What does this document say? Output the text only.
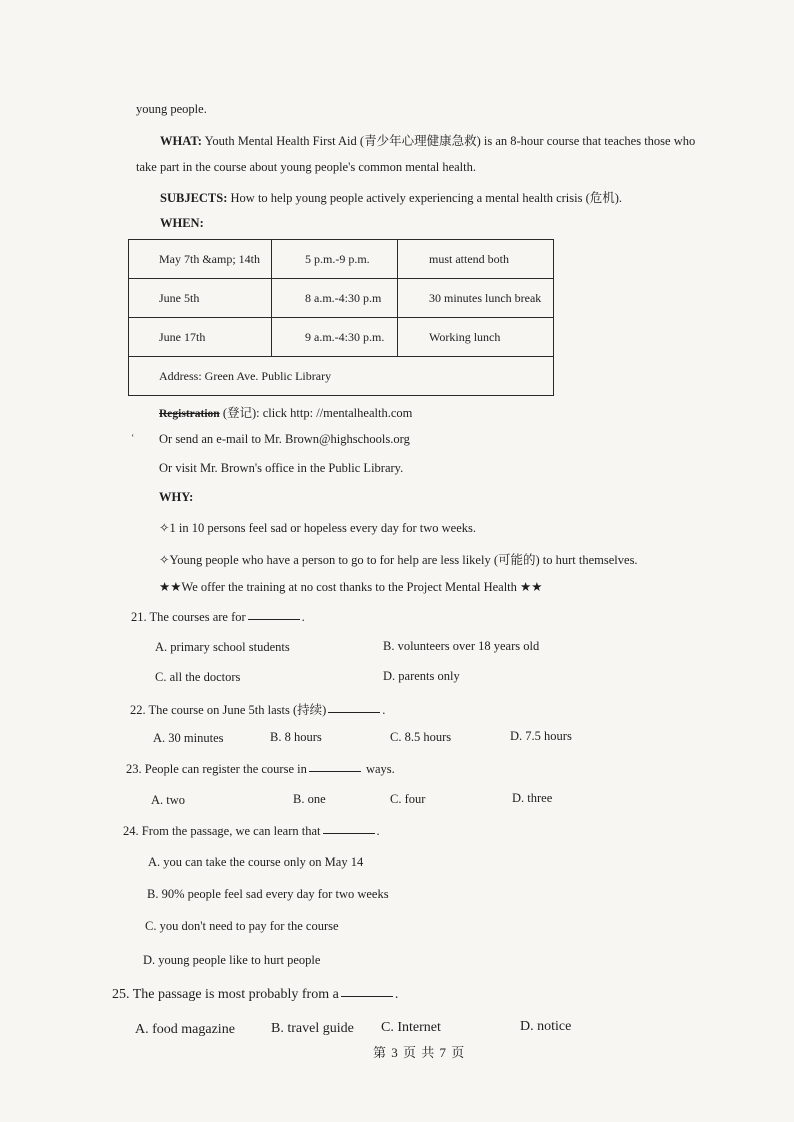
young people.
WHAT: Youth Mental Health First Aid (青少年心理健康急救) is an 8-hour course that teaches those who
take part in the course about young people's common mental health.
SUBJECTS: How to help young people actively experiencing a mental health crisis (危机).
WHEN:
May 7th &amp; 14th	5 p.m.-9 p.m.	must attend both
June 5th	8 a.m.-4:30 p.m	30 minutes lunch break
June 17th	9 a.m.-4:30 p.m.	Working lunch
Address: Green Ave. Public Library		
Registration (登记): click http: //mentalhealth.com
‘ Or send an e-mail to Mr. Brown@highschools.org
Or visit Mr. Brown's office in the Public Library.
WHY:
✧1 in 10 persons feel sad or hopeless every day for two weeks.
✧Young people who have a person to go to for help are less likely (可能的) to hurt themselves.
★★We offer the training at no cost thanks to the Project Mental Health ★★
21. The courses are for	.
A. primary school students	B. volunteers over 18 years old
C. all the doctors	D. parents only
22. The course on June 5th lasts (持续)	.
A. 30 minutes	B. 8 hours	C. 8.5 hours	D. 7.5 hours
23. People can register the course in	ways.
A. two	B. one	C. four	D. three
24. From the passage, we can learn that	.
A. you can take the course only on May 14
B. 90% people feel sad every day for two weeks
C. you don't need to pay for the course
D. young people like to hurt people
25. The passage is most probably from a	.
A. food magazine	B. travel guide C. Internet	D. notice
第 3 页 共 7 页
